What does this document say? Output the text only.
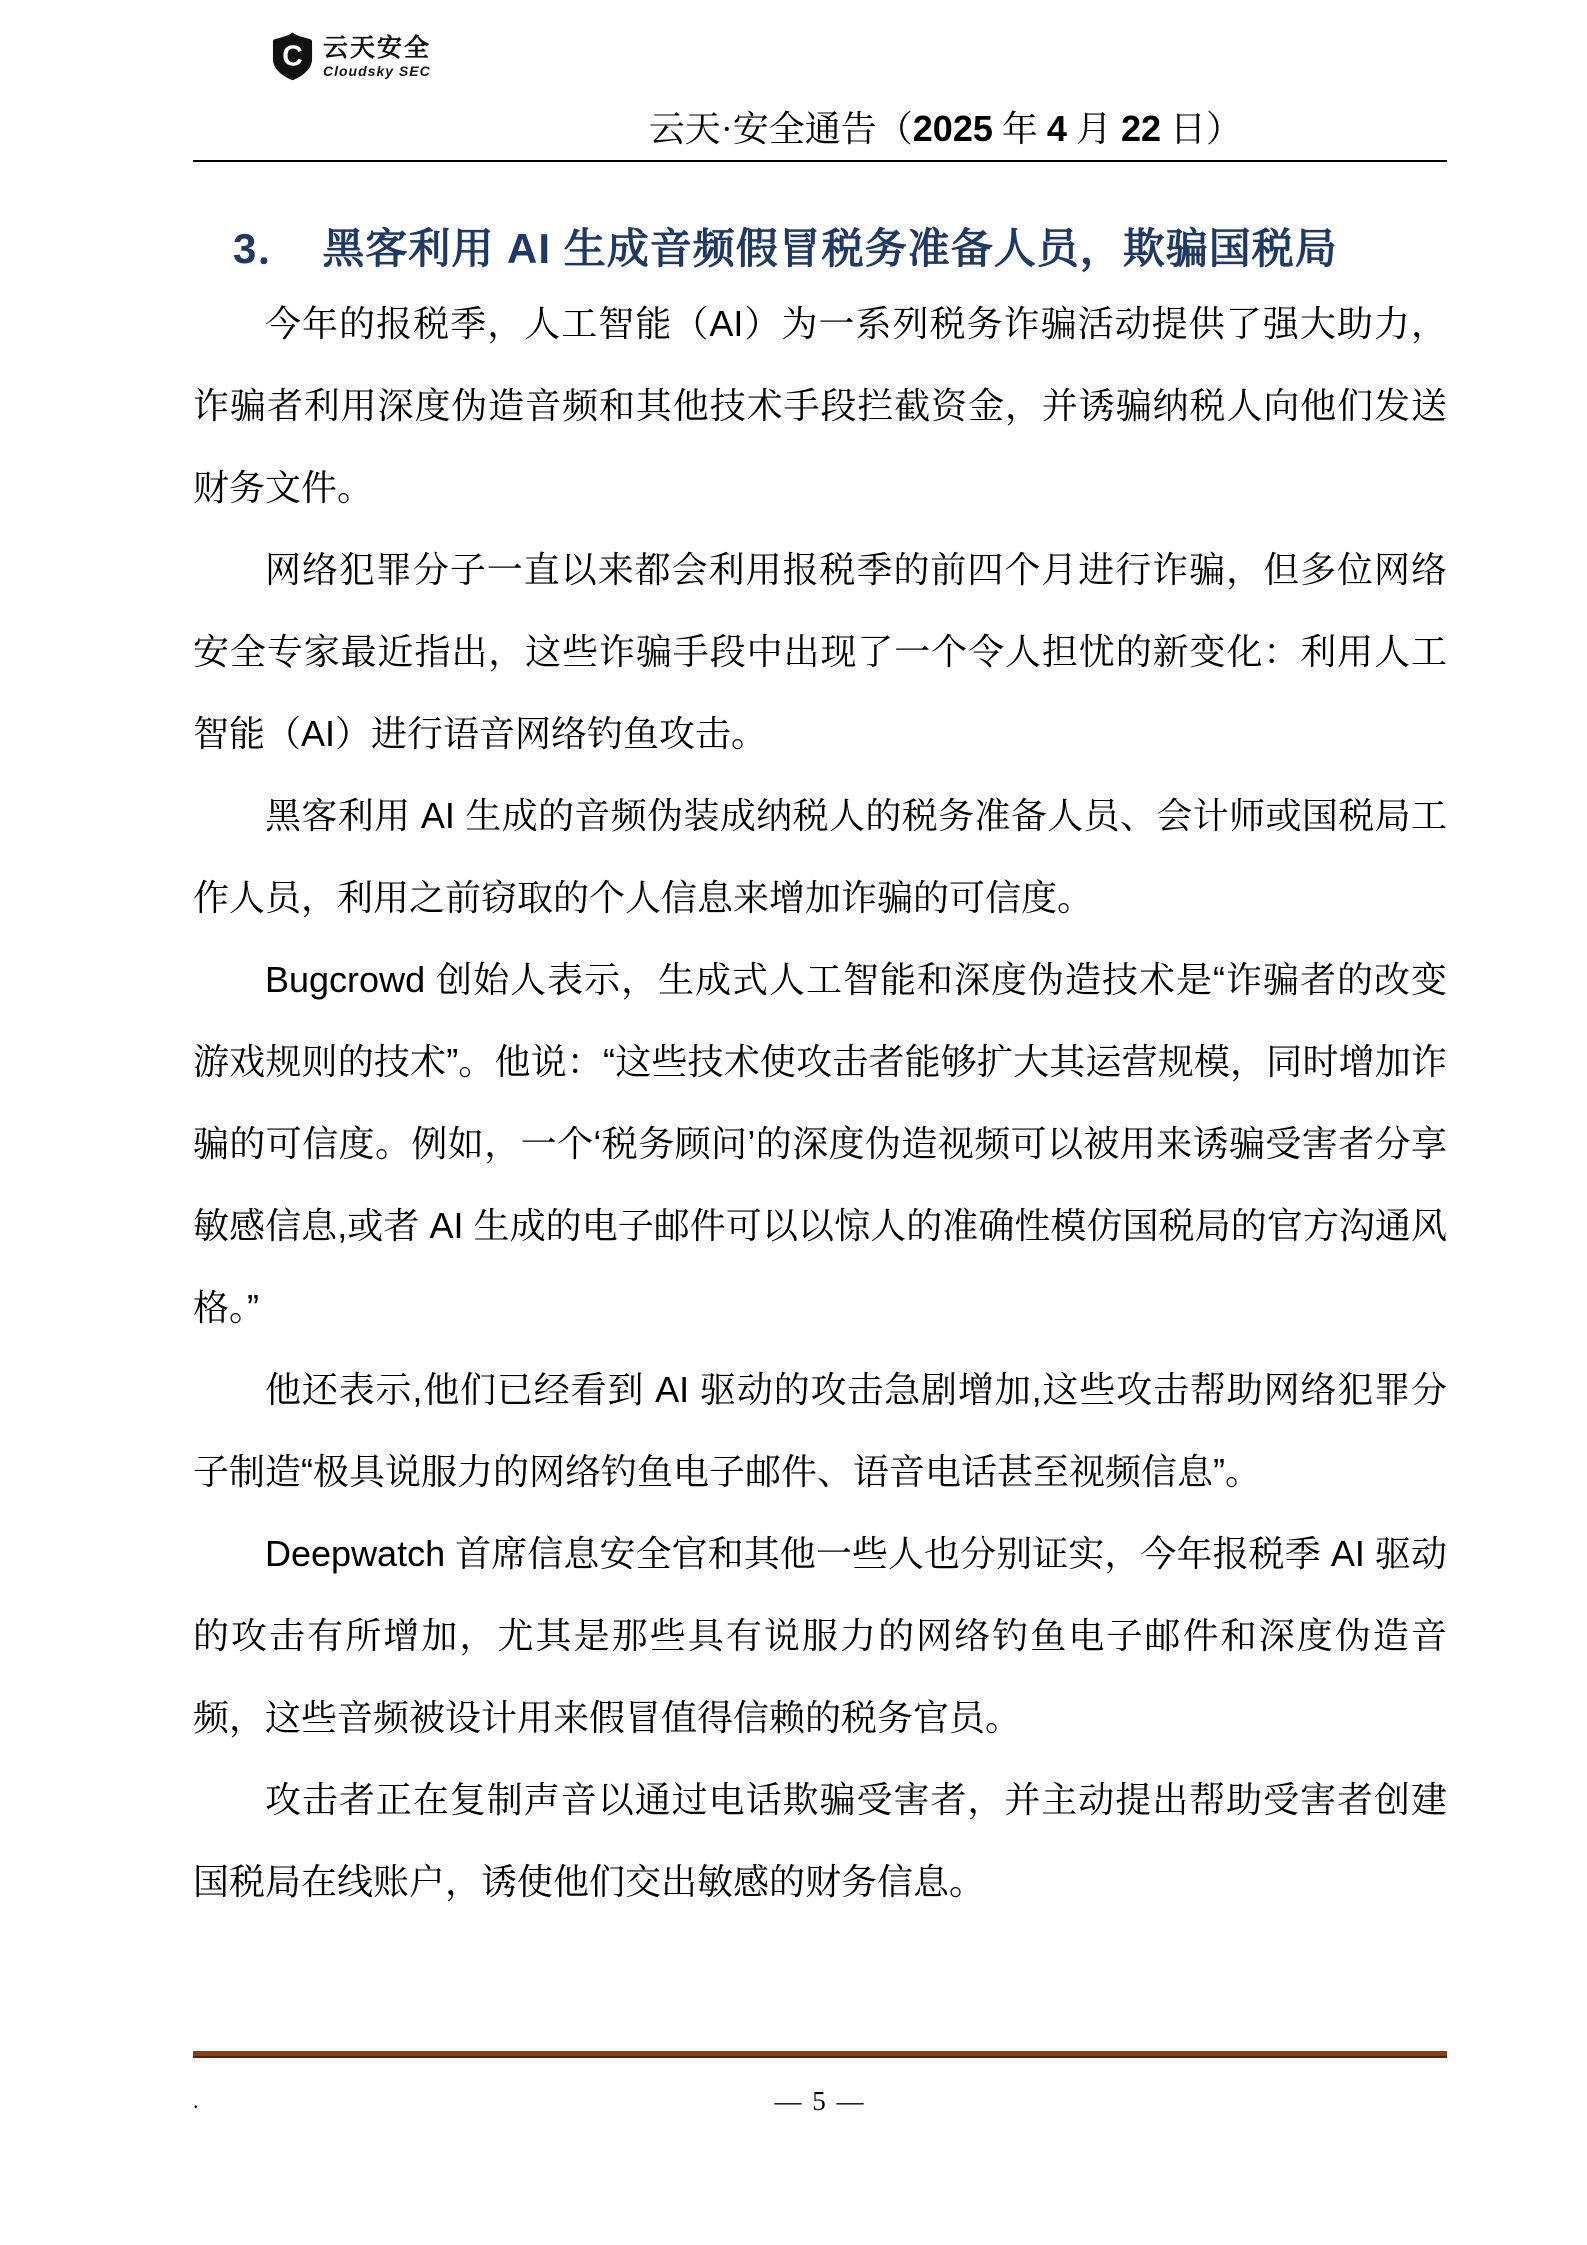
C 云天安全
Cloudsky SEC
云天·安全通告（2025 年 4 月 22 日）
3． 黑客利用 AI 生成音频假冒税务准备人员，欺骗国税局

今年的报税季，人工智能（AI）为一系列税务诈骗活动提供了强大助力，诈骗者利用深度伪造音频和其他技术手段拦截资金，并诱骗纳税人向他们发送财务文件。

网络犯罪分子一直以来都会利用报税季的前四个月进行诈骗，但多位网络安全专家最近指出，这些诈骗手段中出现了一个令人担忧的新变化：利用人工智能（AI）进行语音网络钓鱼攻击。

黑客利用 AI 生成的音频伪装成纳税人的税务准备人员、会计师或国税局工作人员，利用之前窃取的个人信息来增加诈骗的可信度。

Bugcrowd 创始人表示，生成式人工智能和深度伪造技术是“诈骗者的改变游戏规则的技术”。他说：“这些技术使攻击者能够扩大其运营规模，同时增加诈骗的可信度。例如，一个‘税务顾问’的深度伪造视频可以被用来诱骗受害者分享敏感信息,或者 AI 生成的电子邮件可以以惊人的准确性模仿国税局的官方沟通风格。”

他还表示,他们已经看到 AI 驱动的攻击急剧增加,这些攻击帮助网络犯罪分子制造“极具说服力的网络钓鱼电子邮件、语音电话甚至视频信息”。

Deepwatch 首席信息安全官和其他一些人也分别证实，今年报税季 AI 驱动的攻击有所增加，尤其是那些具有说服力的网络钓鱼电子邮件和深度伪造音频，这些音频被设计用来假冒值得信赖的税务官员。

攻击者正在复制声音以通过电话欺骗受害者，并主动提出帮助受害者创建国税局在线账户，诱使他们交出敏感的财务信息。

.	— 5 —
